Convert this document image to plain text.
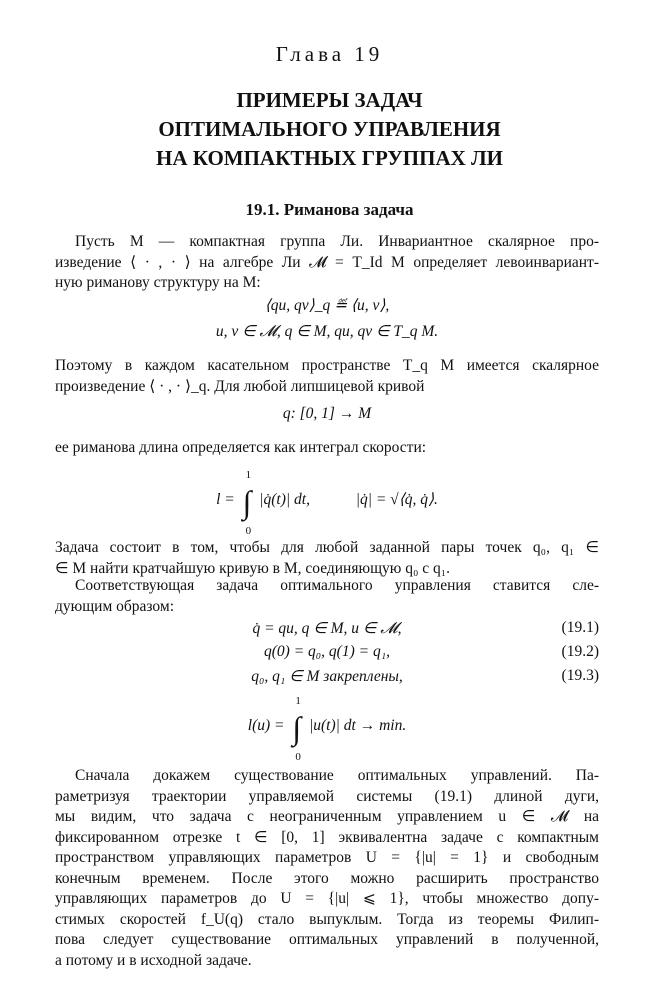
Глава 19
ПРИМЕРЫ ЗАДАЧ
ОПТИМАЛЬНОГО УПРАВЛЕНИЯ
НА КОМПАКТНЫХ ГРУППАХ ЛИ
19.1. Риманова задача
Пусть M — компактная группа Ли. Инвариантное скалярное про-
изведение ⟨ · , · ⟩ на алгебре Ли 𝓜 = T_Id M определяет левоинвариант-
ную риманову структуру на M:
⟨qu, qv⟩_q ≝ ⟨u, v⟩,
u, v ∈ 𝓜, q ∈ M, qu, qv ∈ T_q M.
Поэтому в каждом касательном пространстве T_q M имеется скалярное
произведение ⟨ · , · ⟩_q. Для любой липшицевой кривой
q: [0, 1] → M
ее риманова длина определяется как интеграл скорости:
l = ∫
1
0
|q̇(t)| dt,	|q̇| = √⟨q̇, q̇⟩.
Задача состоит в том, чтобы для любой заданной пары точек q₀, q₁ ∈
∈ M найти кратчайшую кривую в M, соединяющую q₀ с q₁.
Соответствующая задача оптимального управления ставится сле-
дующим образом:
q̇ = qu, q ∈ M, u ∈ 𝓜,	(19.1)
q(0) = q₀, q(1) = q₁,	(19.2)
q₀, q₁ ∈ M закреплены,	(19.3)
l(u) = ∫
1
0
|u(t)| dt → min.
Сначала докажем существование оптимальных управлений. Па-
раметризуя траектории управляемой системы (19.1) длиной дуги,
мы видим, что задача с неограниченным управлением u ∈ 𝓜 на
фиксированном отрезке t ∈ [0, 1] эквивалентна задаче с компактным
пространством управляющих параметров U = {|u| = 1} и свободным
конечным временем. После этого можно расширить пространство
управляющих параметров до U = {|u| ⩽ 1}, чтобы множество допу-
стимых скоростей f_U(q) стало выпуклым. Тогда из теоремы Филип-
пова следует существование оптимальных управлений в полученной,
а потому и в исходной задаче.
